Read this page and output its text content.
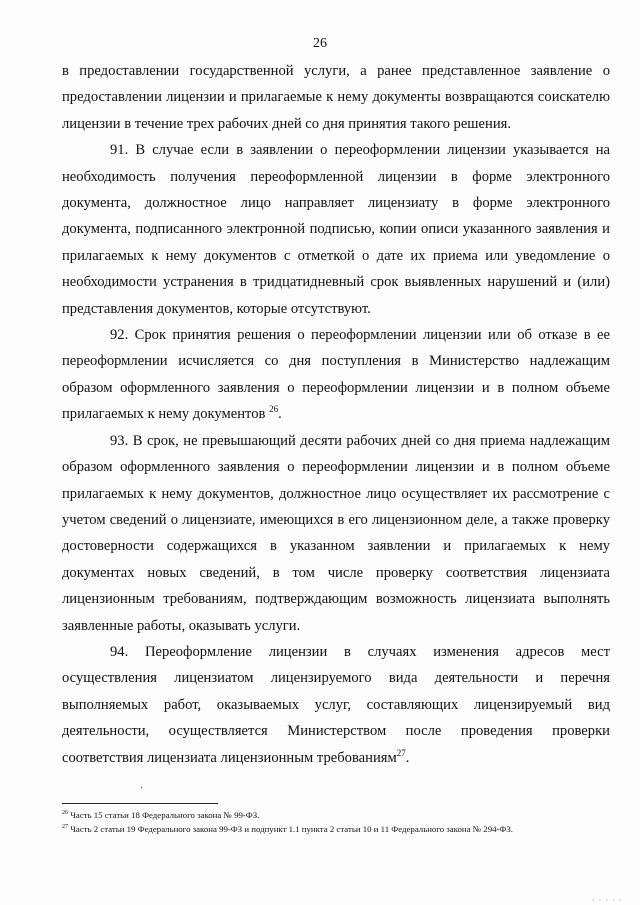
26

в предоставлении государственной услуги, а ранее представленное заявление о предоставлении лицензии и прилагаемые к нему документы возвращаются соискателю лицензии в течение трех рабочих дней со дня принятия такого решения.

91. В случае если в заявлении о переоформлении лицензии указывается на необходимость получения переоформленной лицензии в форме электронного документа, должностное лицо направляет лицензиату в форме электронного документа, подписанного электронной подписью, копии описи указанного заявления и прилагаемых к нему документов с отметкой о дате их приема или уведомление о необходимости устранения в тридцатидневный срок выявленных нарушений и (или) представления документов, которые отсутствуют.

92. Срок принятия решения о переоформлении лицензии или об отказе в ее переоформлении исчисляется со дня поступления в Министерство надлежащим образом оформленного заявления о переоформлении лицензии и в полном объеме прилагаемых к нему документов $^{26}$.

93. В срок, не превышающий десяти рабочих дней со дня приема надлежащим образом оформленного заявления о переоформлении лицензии и в полном объеме прилагаемых к нему документов, должностное лицо осуществляет их рассмотрение с учетом сведений о лицензиате, имеющихся в его лицензионном деле, а также проверку достоверности содержащихся в указанном заявлении и прилагаемых к нему документах новых сведений, в том числе проверку соответствия лицензиата лицензионным требованиям, подтверждающим возможность лицензиата выполнять заявленные работы, оказывать услуги.

94. Переоформление лицензии в случаях изменения адресов мест осуществления лицензиатом лицензируемого вида деятельности и перечня выполняемых работ, оказываемых услуг, составляющих лицензируемый вид деятельности, осуществляется Министерством после проведения проверки соответствия лицензиата лицензионным требованиям$^{27}$.

·

$^{26}$ Часть 15 статьи 18 Федерального закона № 99-ФЗ.

$^{27}$ Часть 2 статьи 19 Федерального закона 99-ФЗ и подпункт 1.1 пункта 2 статьи 10 и 11 Федерального закона № 294-ФЗ.

· · · · ·
